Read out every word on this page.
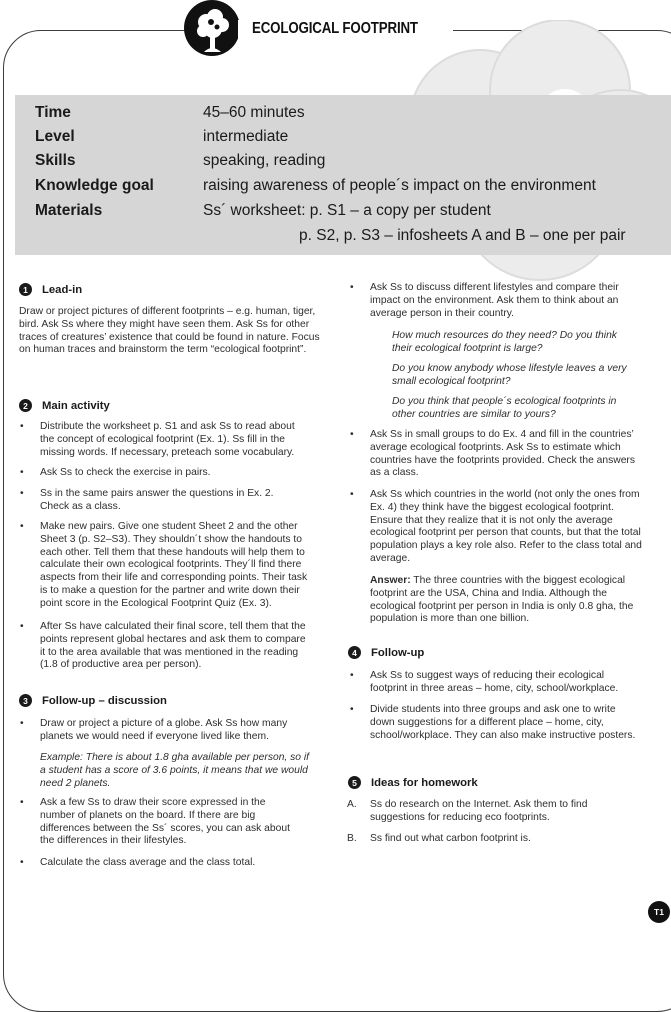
ECOLOGICAL FOOTPRINT
Time	45–60 minutes
Level	intermediate
Skills	speaking, reading
Knowledge goal	raising awareness of people´s impact on the environment
Materials	Ss´ worksheet: p. S1 – a copy per student
p. S2, p. S3 – infosheets A and B – one per pair
1	Lead-in

Draw or project pictures of different footprints – e.g. human, tiger, bird. Ask Ss where they might have seen them. Ask Ss for other traces of creatures’ existence that could be found in nature. Focus on human traces and brainstorm the term “ecological footprint”.

2	Main activity
• Distribute the worksheet p. S1 and ask Ss to read about the concept of ecological footprint (Ex. 1). Ss fill in the missing words. If necessary, preteach some vocabulary.
• Ask Ss to check the exercise in pairs.
• Ss in the same pairs answer the questions in Ex. 2. Check as a class.
• Make new pairs. Give one student Sheet 2 and the other Sheet 3 (p. S2–S3). They shouldn´t show the handouts to each other. Tell them that these handouts will help them to calculate their own ecological footprints. They´ll find there aspects from their life and corresponding points. Their task is to make a question for the partner and write down their point score in the Ecological Footprint Quiz (Ex. 3).
• After Ss have calculated their final score, tell them that the points represent global hectares and ask them to compare it to the area available that was mentioned in the reading (1.8 of productive area per person).
3	Follow-up – discussion
• Draw or project a picture of a globe. Ask Ss how many planets we would need if everyone lived like them.
Example: There is about 1.8 gha available per person, so if a student has a score of 3.6 points, it means that we would need 2 planets.
• Ask a few Ss to draw their score expressed in the number of planets on the board. If there are big differences between the Ss´ scores, you can ask about the differences in their lifestyles.
• Calculate the class average and the class total.
• Ask Ss to discuss different lifestyles and compare their impact on the environment. Ask them to think about an average person in their country.
How much resources do they need? Do you think their ecological footprint is large?
Do you know anybody whose lifestyle leaves a very small ecological footprint?
Do you think that people´s ecological footprints in other countries are similar to yours?
• Ask Ss in small groups to do Ex. 4 and fill in the countries’ average ecological footprints. Ask Ss to estimate which countries have the footprints provided. Check the answers as a class.
• Ask Ss which countries in the world (not only the ones from Ex. 4) they think have the biggest ecological footprint. Ensure that they realize that it is not only the average ecological footprint per person that counts, but that the total population plays a key role also. Refer to the class total and average.

Answer: The three countries with the biggest ecological footprint are the USA, China and India. Although the ecological footprint per person in India is only 0.8 gha, the population is more than one billion.

4	Follow-up
• Ask Ss to suggest ways of reducing their ecological footprint in three areas – home, city, school/workplace.
• Divide students into three groups and ask one to write down suggestions for a different place – home, city, school/workplace. They can also make instructive posters.
5	Ideas for homework
A. Ss do research on the Internet. Ask them to find suggestions for reducing eco footprints.
B. Ss find out what carbon footprint is.
T1
